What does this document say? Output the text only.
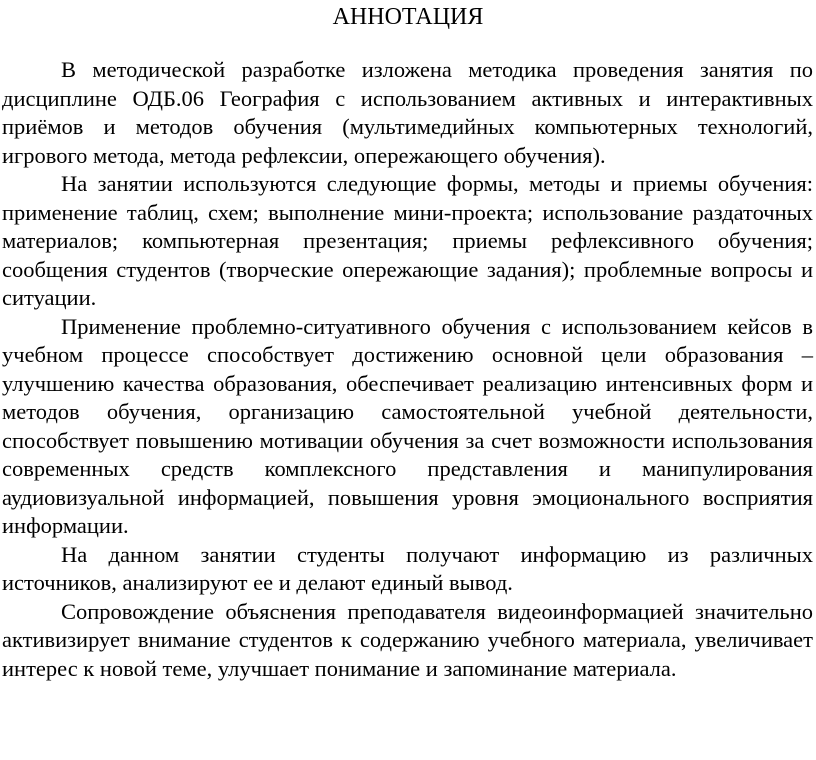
АННОТАЦИЯ

В методической разработке изложена методика проведения занятия по дисциплине ОДБ.06 География с использованием активных и интерактивных приёмов и методов обучения (мультимедийных компьютерных технологий, игрового метода, метода рефлексии, опережающего обучения).

На занятии используются следующие формы, методы и приемы обучения: применение таблиц, схем; выполнение мини-проекта; использование раздаточных материалов; компьютерная презентация; приемы рефлексивного обучения; сообщения студентов (творческие опережающие задания); проблемные вопросы и ситуации.

Применение проблемно-ситуативного обучения с использованием кейсов в учебном процессе способствует достижению основной цели образования – улучшению качества образования, обеспечивает реализацию интенсивных форм и методов обучения, организацию самостоятельной учебной деятельности, способствует повышению мотивации обучения за счет возможности использования современных средств комплексного представления и манипулирования аудиовизуальной информацией, повышения уровня эмоционального восприятия информации.

На данном занятии студенты получают информацию из различных источников, анализируют ее и делают единый вывод.

Сопровождение объяснения преподавателя видеоинформацией значительно активизирует внимание студентов к содержанию учебного материала, увеличивает интерес к новой теме, улучшает понимание и запоминание материала.
